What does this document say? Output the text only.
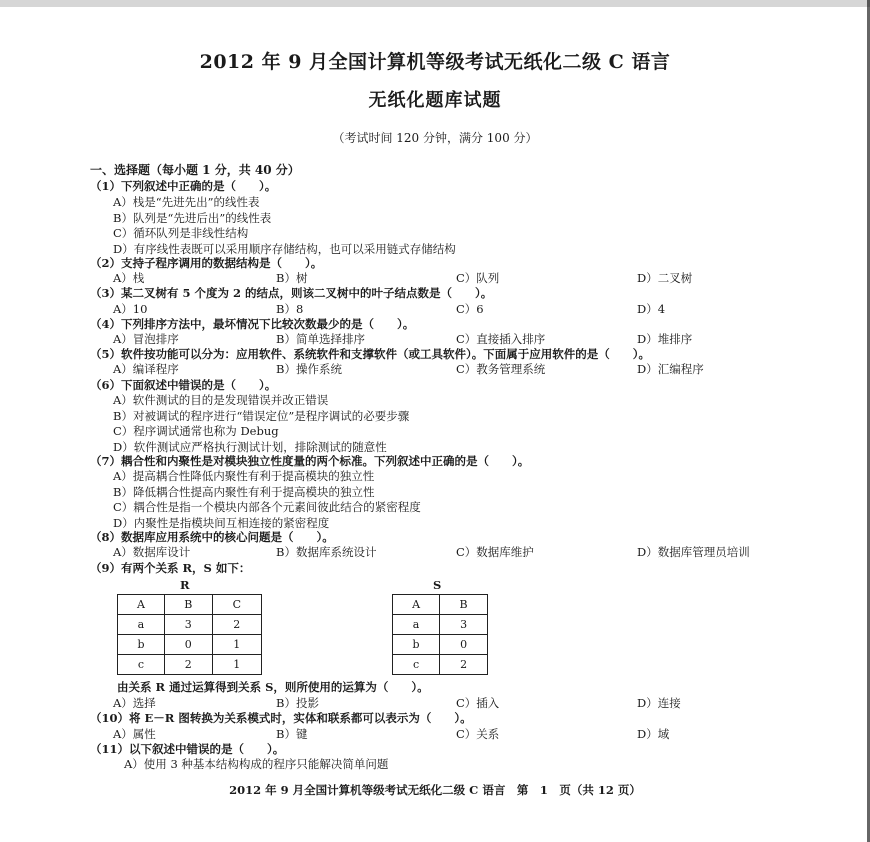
2012 年 9 月全国计算机等级考试无纸化二级 C 语言
无纸化题库试题
（考试时间 120 分钟，满分 100 分）
一、选择题（每小题 1 分，共 40 分）
（1）下列叙述中正确的是（　　）。
A）栈是“先进先出”的线性表
B）队列是“先进后出”的线性表
C）循环队列是非线性结构
D）有序线性表既可以采用顺序存储结构，也可以采用链式存储结构
（2）支持子程序调用的数据结构是（　　）。
A）栈	B）树	C）队列	D）二叉树
（3）某二叉树有 5 个度为 2 的结点，则该二叉树中的叶子结点数是（　　）。
A）10	B）8	C）6	D）4
（4）下列排序方法中，最坏情况下比较次数最少的是（　　）。
A）冒泡排序	B）简单选择排序	C）直接插入排序	D）堆排序
（5）软件按功能可以分为：应用软件、系统软件和支撑软件（或工具软件）。下面属于应用软件的是（　　）。
A）编译程序	B）操作系统	C）教务管理系统	D）汇编程序
（6）下面叙述中错误的是（　　）。
A）软件测试的目的是发现错误并改正错误
B）对被调试的程序进行“错误定位”是程序调试的必要步骤
C）程序调试通常也称为 Debug
D）软件测试应严格执行测试计划，排除测试的随意性
（7）耦合性和内聚性是对模块独立性度量的两个标准。下列叙述中正确的是（　　）。
A）提高耦合性降低内聚性有利于提高模块的独立性
B）降低耦合性提高内聚性有利于提高模块的独立性
C）耦合性是指一个模块内部各个元素间彼此结合的紧密程度
D）内聚性是指模块间互相连接的紧密程度
（8）数据库应用系统中的核心问题是（　　）。
A）数据库设计	B）数据库系统设计	C）数据库维护	D）数据库管理员培训
（9）有两个关系 R，S 如下：
R	S
A	B	C
a	3	2
b	0	1
c	2	1
A	B
a	3
b	0
c	2
由关系 R 通过运算得到关系 S，则所使用的运算为（　　）。
A）选择	B）投影	C）插入	D）连接
（10）将 E－R 图转换为关系模式时，实体和联系都可以表示为（　　）。
A）属性	B）键	C）关系	D）域
（11）以下叙述中错误的是（　　）。
A）使用 3 种基本结构构成的程序只能解决简单问题
2012 年 9 月全国计算机等级考试无纸化二级 C 语言　第　1　页（共 12 页）
